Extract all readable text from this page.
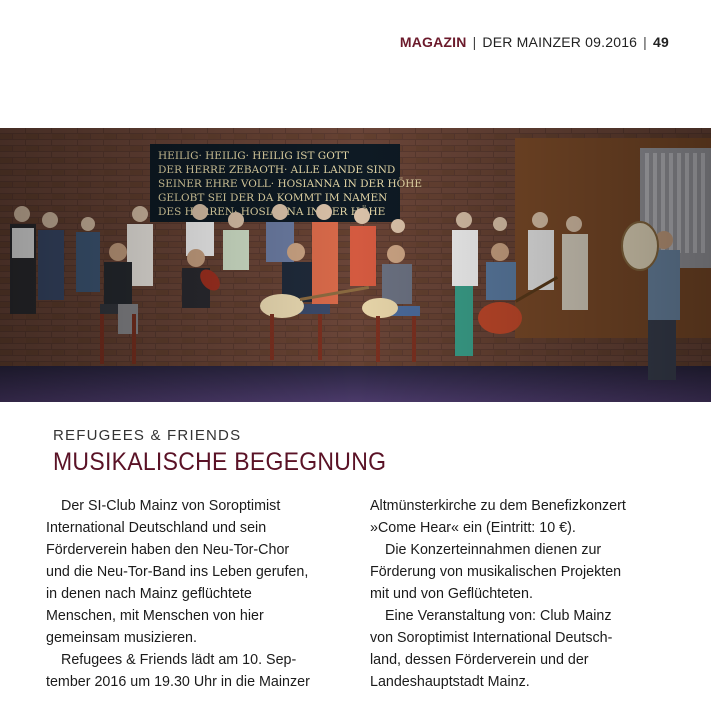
MAGAZIN | DER MAINZER 09.2016 | 49
REFUGEES & FRIENDS
MUSIKALISCHE BEGEGNUNG

Der SI-Club Mainz von Soroptimist

International Deutschland und sein

Förderverein haben den Neu-Tor-Chor

und die Neu-Tor-Band ins Leben gerufen,

in denen nach Mainz geflüchtete

Menschen, mit Menschen von hier

gemeinsam musizieren.

Refugees & Friends lädt am 10. Sep-

tember 2016 um 19.30 Uhr in die Mainzer

Altmünsterkirche zu dem Benefizkonzert

»Come Hear« ein (Eintritt: 10 €).

Die Konzerteinnahmen dienen zur

Förderung von musikalischen Projekten

mit und von Geflüchteten.

Eine Veranstaltung von: Club Mainz

von Soroptimist International Deutsch-

land, dessen Förderverein und der

Landeshauptstadt Mainz.
